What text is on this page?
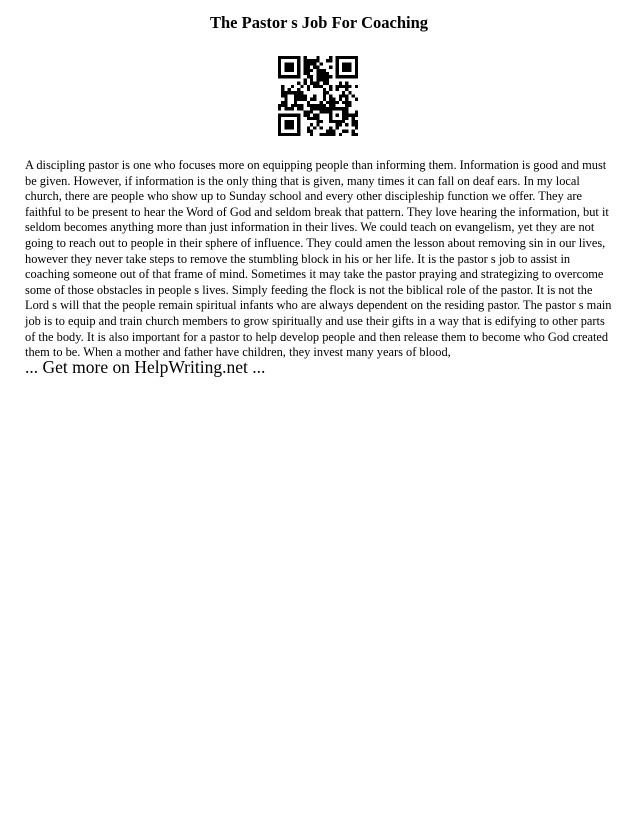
The Pastor s Job For Coaching

A discipling pastor is one who focuses more on equipping people than informing them. Information is good and must be given. However, if information is the only thing that is given, many times it can fall on deaf ears. In my local church, there are people who show up to Sunday school and every other discipleship function we offer. They are faithful to be present to hear the Word of God and seldom break that pattern. They love hearing the information, but it seldom becomes anything more than just information in their lives. We could teach on evangelism, yet they are not going to reach out to people in their sphere of influence. They could amen the lesson about removing sin in our lives, however they never take steps to remove the stumbling block in his or her life. It is the pastor s job to assist in coaching someone out of that frame of mind. Sometimes it may take the pastor praying and strategizing to overcome some of those obstacles in people s lives. Simply feeding the flock is not the biblical role of the pastor. It is not the Lord s will that the people remain spiritual infants who are always dependent on the residing pastor. The pastor s main job is to equip and train church members to grow spiritually and use their gifts in a way that is edifying to other parts of the body. It is also important for a pastor to help develop people and then release them to become who God created them to be. When a mother and father have children, they invest many years of blood,

... Get more on HelpWriting.net ...
